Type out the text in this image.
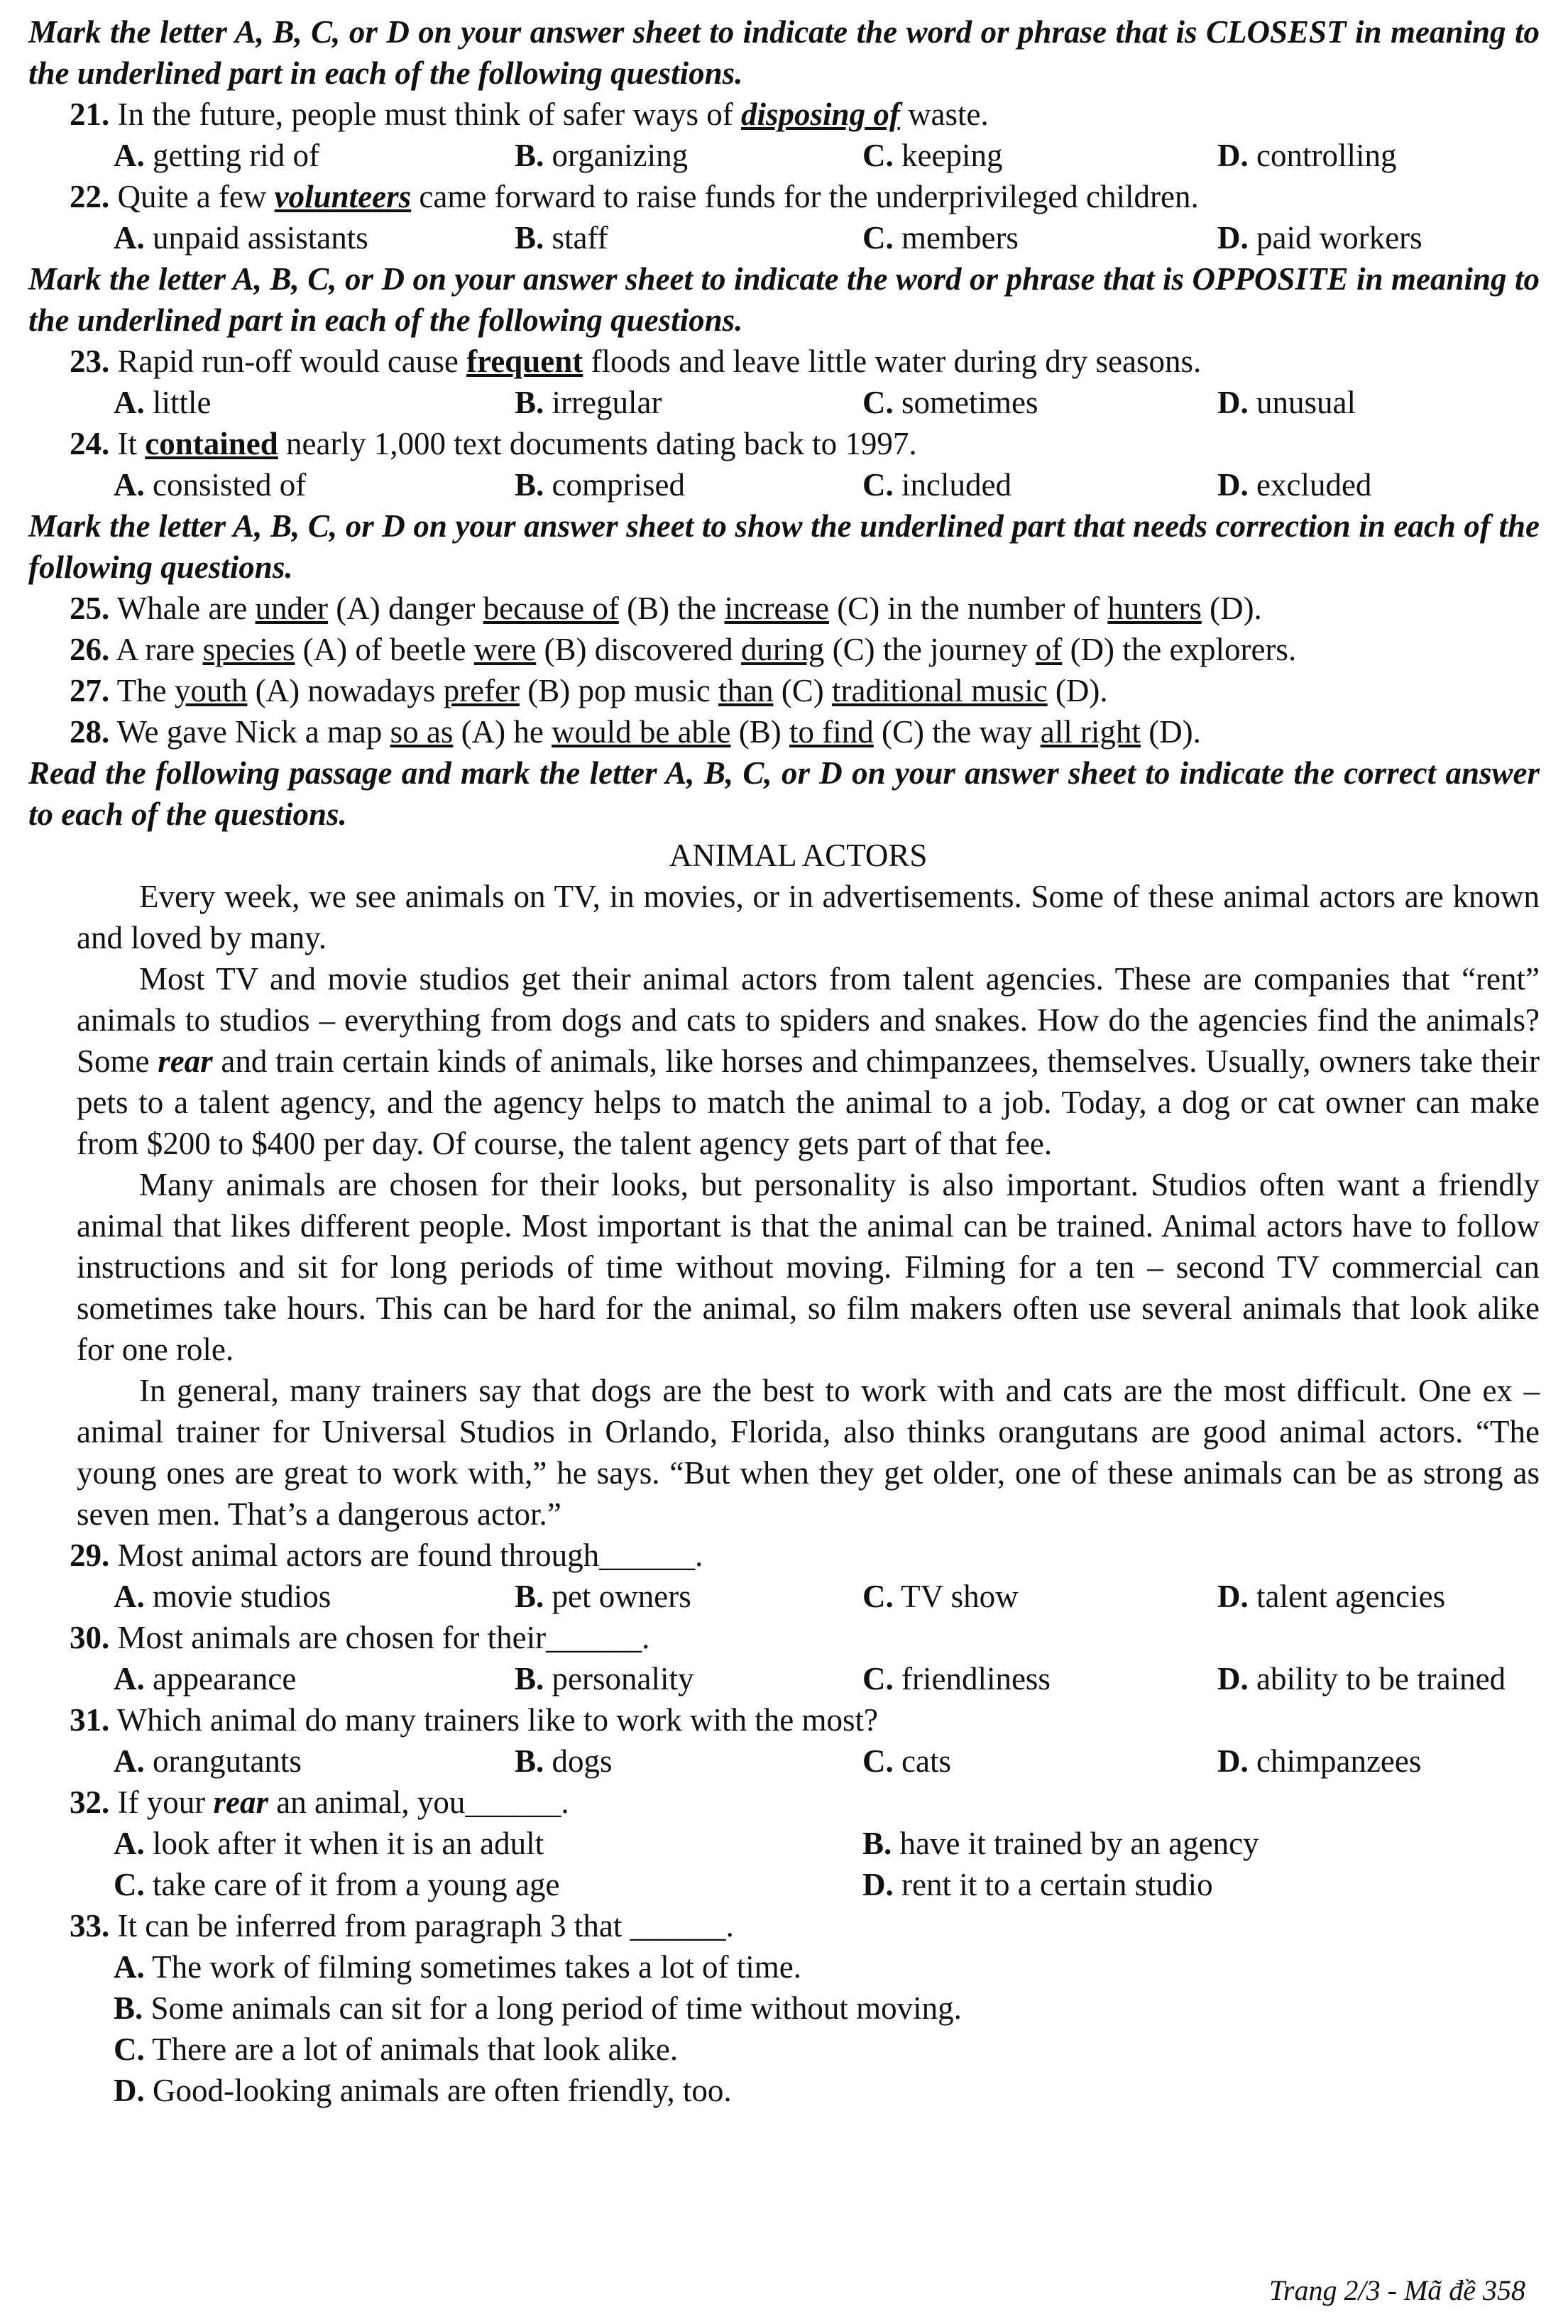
Mark the letter A, B, C, or D on your answer sheet to indicate the word or phrase that is CLOSEST in meaning to the underlined part in each of the following questions.

21. In the future, people must think of safer ways of disposing of waste.

A. getting rid of	B. organizing	C. keeping	D. controlling

22. Quite a few volunteers came forward to raise funds for the underprivileged children.

A. unpaid assistants	B. staff	C. members	D. paid workers

Mark the letter A, B, C, or D on your answer sheet to indicate the word or phrase that is OPPOSITE in meaning to the underlined part in each of the following questions.

23. Rapid run-off would cause frequent floods and leave little water during dry seasons.

A. little	B. irregular	C. sometimes	D. unusual

24. It contained nearly 1,000 text documents dating back to 1997.

A. consisted of	B. comprised	C. included	D. excluded

Mark the letter A, B, C, or D on your answer sheet to show the underlined part that needs correction in each of the following questions.

25. Whale are under (A) danger because of (B) the increase (C) in the number of hunters (D).

26. A rare species (A) of beetle were (B) discovered during (C) the journey of (D) the explorers.

27. The youth (A) nowadays prefer (B) pop music than (C) traditional music (D).

28. We gave Nick a map so as (A) he would be able (B) to find (C) the way all right (D).

Read the following passage and mark the letter A, B, C, or D on your answer sheet to indicate the correct answer to each of the questions.

ANIMAL ACTORS

Every week, we see animals on TV, in movies, or in advertisements. Some of these animal actors are known and loved by many.

Most TV and movie studios get their animal actors from talent agencies. These are companies that “rent” animals to studios – everything from dogs and cats to spiders and snakes. How do the agencies find the animals? Some rear and train certain kinds of animals, like horses and chimpanzees, themselves. Usually, owners take their pets to a talent agency, and the agency helps to match the animal to a job. Today, a dog or cat owner can make from $200 to $400 per day. Of course, the talent agency gets part of that fee.

Many animals are chosen for their looks, but personality is also important. Studios often want a friendly animal that likes different people. Most important is that the animal can be trained. Animal actors have to follow instructions and sit for long periods of time without moving. Filming for a ten – second TV commercial can sometimes take hours. This can be hard for the animal, so film makers often use several animals that look alike for one role.

In general, many trainers say that dogs are the best to work with and cats are the most difficult. One ex – animal trainer for Universal Studios in Orlando, Florida, also thinks orangutans are good animal actors. “The young ones are great to work with,” he says. “But when they get older, one of these animals can be as strong as seven men. That’s a dangerous actor.”

29. Most animal actors are found through______.

A. movie studios	B. pet owners	C. TV show	D. talent agencies

30. Most animals are chosen for their______.

A. appearance	B. personality	C. friendliness	D. ability to be trained

31. Which animal do many trainers like to work with the most?

A. orangutants	B. dogs	C. cats	D. chimpanzees

32. If your rear an animal, you______.

A. look after it when it is an adult	B. have it trained by an agency
C. take care of it from a young age	D. rent it to a certain studio

33. It can be inferred from paragraph 3 that ______.

A. The work of filming sometimes takes a lot of time.

B. Some animals can sit for a long period of time without moving.

C. There are a lot of animals that look alike.

D. Good-looking animals are often friendly, too.

Trang 2/3 - Mã đề 358
